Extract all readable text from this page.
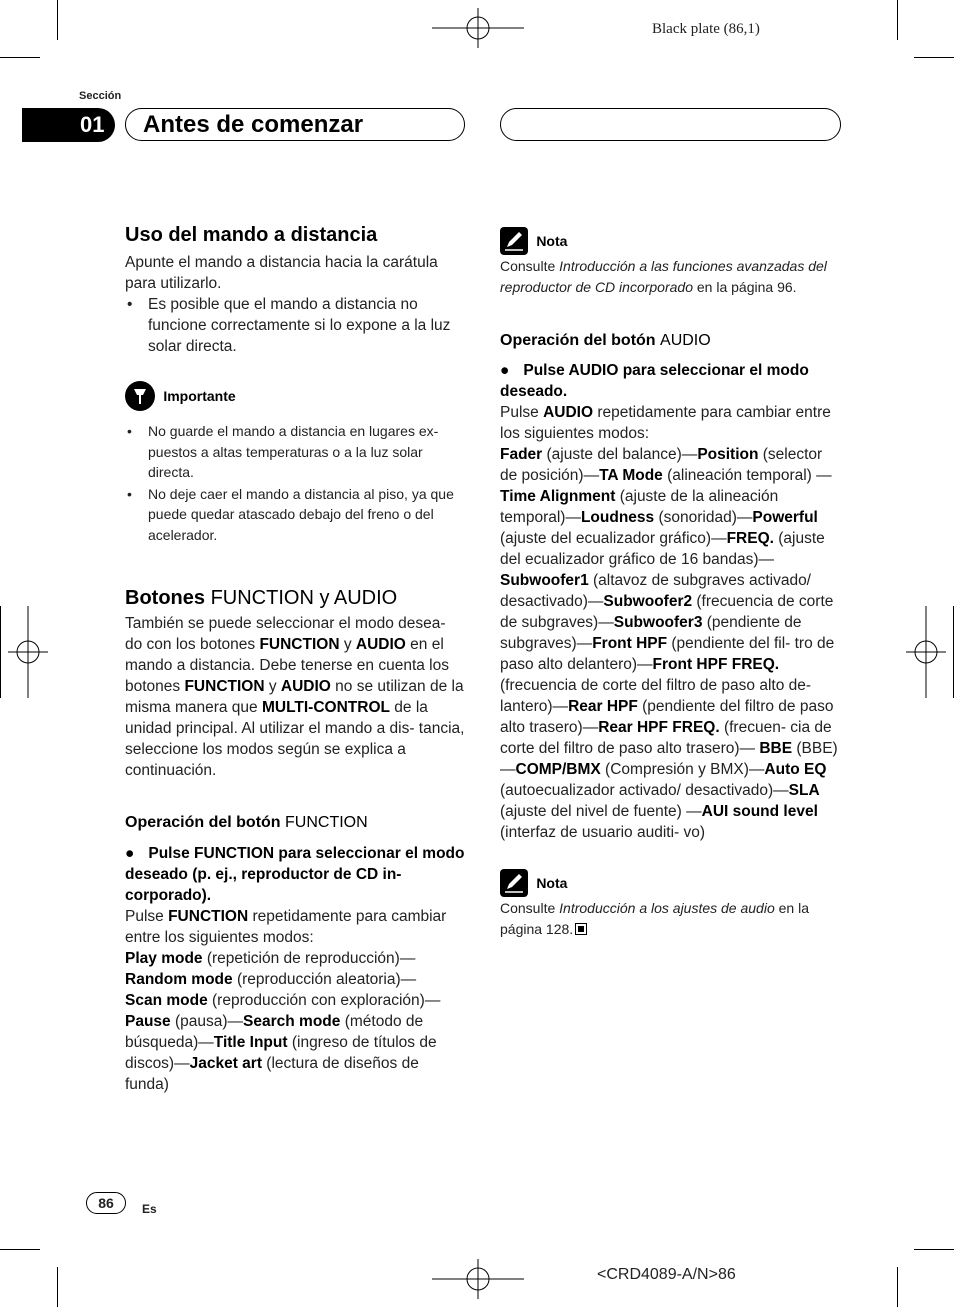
Black plate (86,1)
Sección
01	Antes de comenzar
Uso del mando a distancia

Apunte el mando a distancia hacia la carátula para utilizarlo.

• Es posible que el mando a distancia no funcione correctamente si lo expone a la luz solar directa.
Importante
• No guarde el mando a distancia en lugares ex- puestos a altas temperaturas o a la luz solar directa.
• No deje caer el mando a distancia al piso, ya que puede quedar atascado debajo del freno o del acelerador.
Botones FUNCTION y AUDIO

También se puede seleccionar el modo desea- do con los botones FUNCTION y AUDIO en el mando a distancia. Debe tenerse en cuenta los botones FUNCTION y AUDIO no se utilizan de la misma manera que MULTI-CONTROL de la unidad principal. Al utilizar el mando a dis- tancia, seleccione los modos según se explica a continuación.

Operación del botón FUNCTION

● Pulse FUNCTION para seleccionar el modo deseado (p. ej., reproductor de CD in- corporado).

Pulse FUNCTION repetidamente para cambiar entre los siguientes modos:
Play mode (repetición de reproducción)—
Random mode (reproducción aleatoria)—
Scan mode (reproducción con exploración)—
Pause (pausa)—Search mode (método de búsqueda)—Title Input (ingreso de títulos de discos)—Jacket art (lectura de diseños de funda)

Nota

Consulte Introducción a las funciones avanzadas del reproductor de CD incorporado en la página 96.

Operación del botón AUDIO

● Pulse AUDIO para seleccionar el modo deseado.

Pulse AUDIO repetidamente para cambiar entre los siguientes modos:
Fader (ajuste del balance)—Position (selector de posición)—TA Mode (alineación temporal) —Time Alignment (ajuste de la alineación temporal)—Loudness (sonoridad)—Powerful (ajuste del ecualizador gráfico)—FREQ. (ajuste del ecualizador gráfico de 16 bandas)—Subwoofer1 (altavoz de subgraves activado/ desactivado)—Subwoofer2 (frecuencia de corte de subgraves)—Subwoofer3 (pendiente de subgraves)—Front HPF (pendiente del fil- tro de paso alto delantero)—Front HPF FREQ. (frecuencia de corte del filtro de paso alto de- lantero)—Rear HPF (pendiente del filtro de paso alto trasero)—Rear HPF FREQ. (frecuen- cia de corte del filtro de paso alto trasero)— BBE (BBE)—COMP/BMX (Compresión y BMX)—Auto EQ (autoecualizador activado/ desactivado)—SLA (ajuste del nivel de fuente) —AUI sound level (interfaz de usuario auditi- vo)

Nota

Consulte Introducción a los ajustes de audio en la página 128.

86	Es
<CRD4089-A/N>86
